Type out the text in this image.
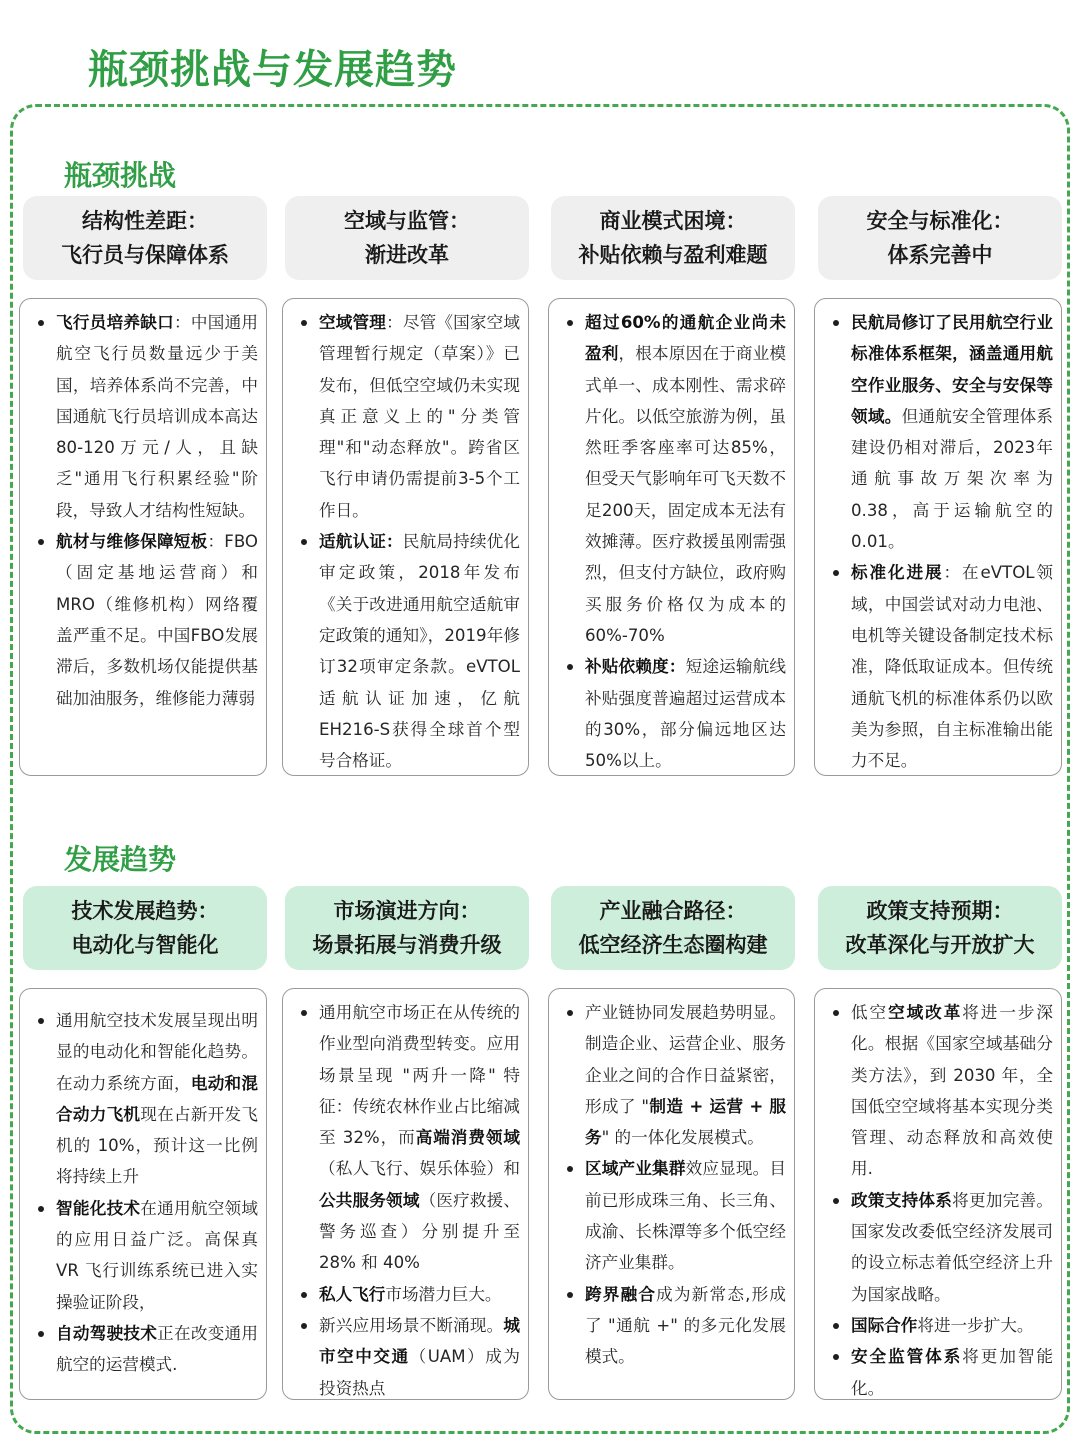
瓶颈挑战与发展趋势
瓶颈挑战
结构性差距：
飞行员与保障体系
空域与监管：
渐进改革
商业模式困境：
补贴依赖与盈利难题
安全与标准化：
体系完善中
飞行员培养缺口：中国通用航空飞行员数量远少于美国，培养体系尚不完善，中国通航飞行员培训成本高达80-120万元/人，且缺乏"通用飞行积累经验"阶段，导致人才结构性短缺。
航材与维修保障短板：FBO（固定基地运营商）和MRO（维修机构）网络覆盖严重不足。中国FBO发展滞后，多数机场仅能提供基础加油服务，维修能力薄弱
空域管理：尽管《国家空域管理暂行规定（草案）》已发布，但低空空域仍未实现真正意义上的"分类管理"和"动态释放"。跨省区飞行申请仍需提前3-5个工作日。
适航认证：民航局持续优化审定政策，2018年发布《关于改进通用航空适航审定政策的通知》，2019年修订32项审定条款。eVTOL适航认证加速，亿航EH216-S获得全球首个型号合格证。
超过60%的通航企业尚未盈利，根本原因在于商业模式单一、成本刚性、需求碎片化。以低空旅游为例，虽然旺季客座率可达85%，但受天气影响年可飞天数不足200天，固定成本无法有效摊薄。医疗救援虽刚需强烈，但支付方缺位，政府购买服务价格仅为成本的60%-70%
补贴依赖度：短途运输航线补贴强度普遍超过运营成本的30%，部分偏远地区达50%以上。
民航局修订了民用航空行业标准体系框架，涵盖通用航空作业服务、安全与安保等领域。但通航安全管理体系建设仍相对滞后，2023年通航事故万架次率为0.38，高于运输航空的0.01。
标准化进展：在eVTOL领域，中国尝试对动力电池、电机等关键设备制定技术标准，降低取证成本。但传统通航飞机的标准体系仍以欧美为参照，自主标准输出能力不足。
发展趋势
技术发展趋势：
电动化与智能化
市场演进方向：
场景拓展与消费升级
产业融合路径：
低空经济生态圈构建
政策支持预期：
改革深化与开放扩大
通用航空技术发展呈现出明显的电动化和智能化趋势。在动力系统方面，电动和混合动力飞机现在占新开发飞机的 10%，预计这一比例将持续上升
智能化技术在通用航空领域的应用日益广泛。高保真 VR 飞行训练系统已进入实操验证阶段，
自动驾驶技术正在改变通用航空的运营模式.
通用航空市场正在从传统的作业型向消费型转变。应用场景呈现 "两升一降" 特征：传统农林作业占比缩减至 32%，而高端消费领域（私人飞行、娱乐体验）和公共服务领域（医疗救援、警务巡查）分别提升至 28% 和 40%
私人飞行市场潜力巨大。
新兴应用场景不断涌现。城市空中交通（UAM）成为投资热点
产业链协同发展趋势明显。制造企业、运营企业、服务企业之间的合作日益紧密，形成了 "制造 + 运营 + 服务" 的一体化发展模式。
区域产业集群效应显现。目前已形成珠三角、长三角、成渝、长株潭等多个低空经济产业集群。
跨界融合成为新常态,形成了 "通航 +" 的多元化发展模式。
低空空域改革将进一步深化。根据《国家空域基础分类方法》，到 2030 年，全国低空空域将基本实现分类管理、动态释放和高效使用.
政策支持体系将更加完善。国家发改委低空经济发展司的设立标志着低空经济上升为国家战略。
国际合作将进一步扩大。
安全监管体系将更加智能化。
